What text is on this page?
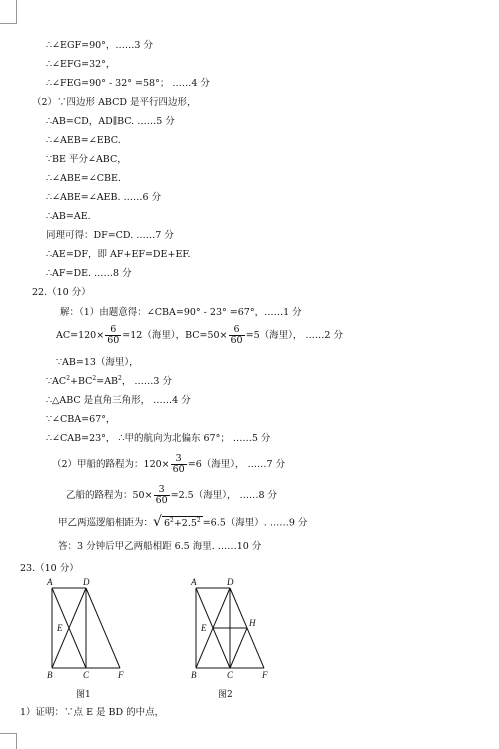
∴∠EGF=90°，……3 分
∴∠EFG=32°，
∴∠FEG=90° - 32° =58°； ……4 分
（2）∵四边形 ABCD 是平行四边形，
∴AB=CD，AD∥BC. ……5 分
∴∠AEB=∠EBC.
∵BE 平分∠ABC，
∴∠ABE=∠CBE.
∴∠ABE=∠AEB. ……6 分
∴AB=AE.
同理可得：DF=CD. ……7 分
∴AE=DF，即 AF+EF=DE+EF.
∴AF=DE. ……8 分
22.（10 分）
解：（1）由题意得：∠CBA=90° - 23° =67°，……1 分
$AC=120\times \frac{6}{60} =12$（海里），$BC=50\times \frac{6}{60} =5$（海里）， ……2 分
∵AB=13（海里），
$\because AC^2+BC^2=AB^2$， ……3 分
∴△ABC 是直角三角形， ……4 分
∵∠CBA=67°，
∴∠CAB=23°， ∴甲的航向为北偏东 67°； ……5 分
（2）甲船的路程为：$120\times \frac{3}{60} =6$（海里）， ……7 分
乙船的路程为：$50\times \frac{3}{60} =2.5$（海里）， ……8 分
甲乙两巡逻船相距为：√ $6^2+2.5^2 =6.5$（海里）. ……9 分
答：3 分钟后甲乙两船相距 6.5 海里. ……10 分
23.（10 分）
A	D
E
B	C	F
图1
A	D
E	H
B	C	F
图2
1）证明：∵点 E 是 BD 的中点，
